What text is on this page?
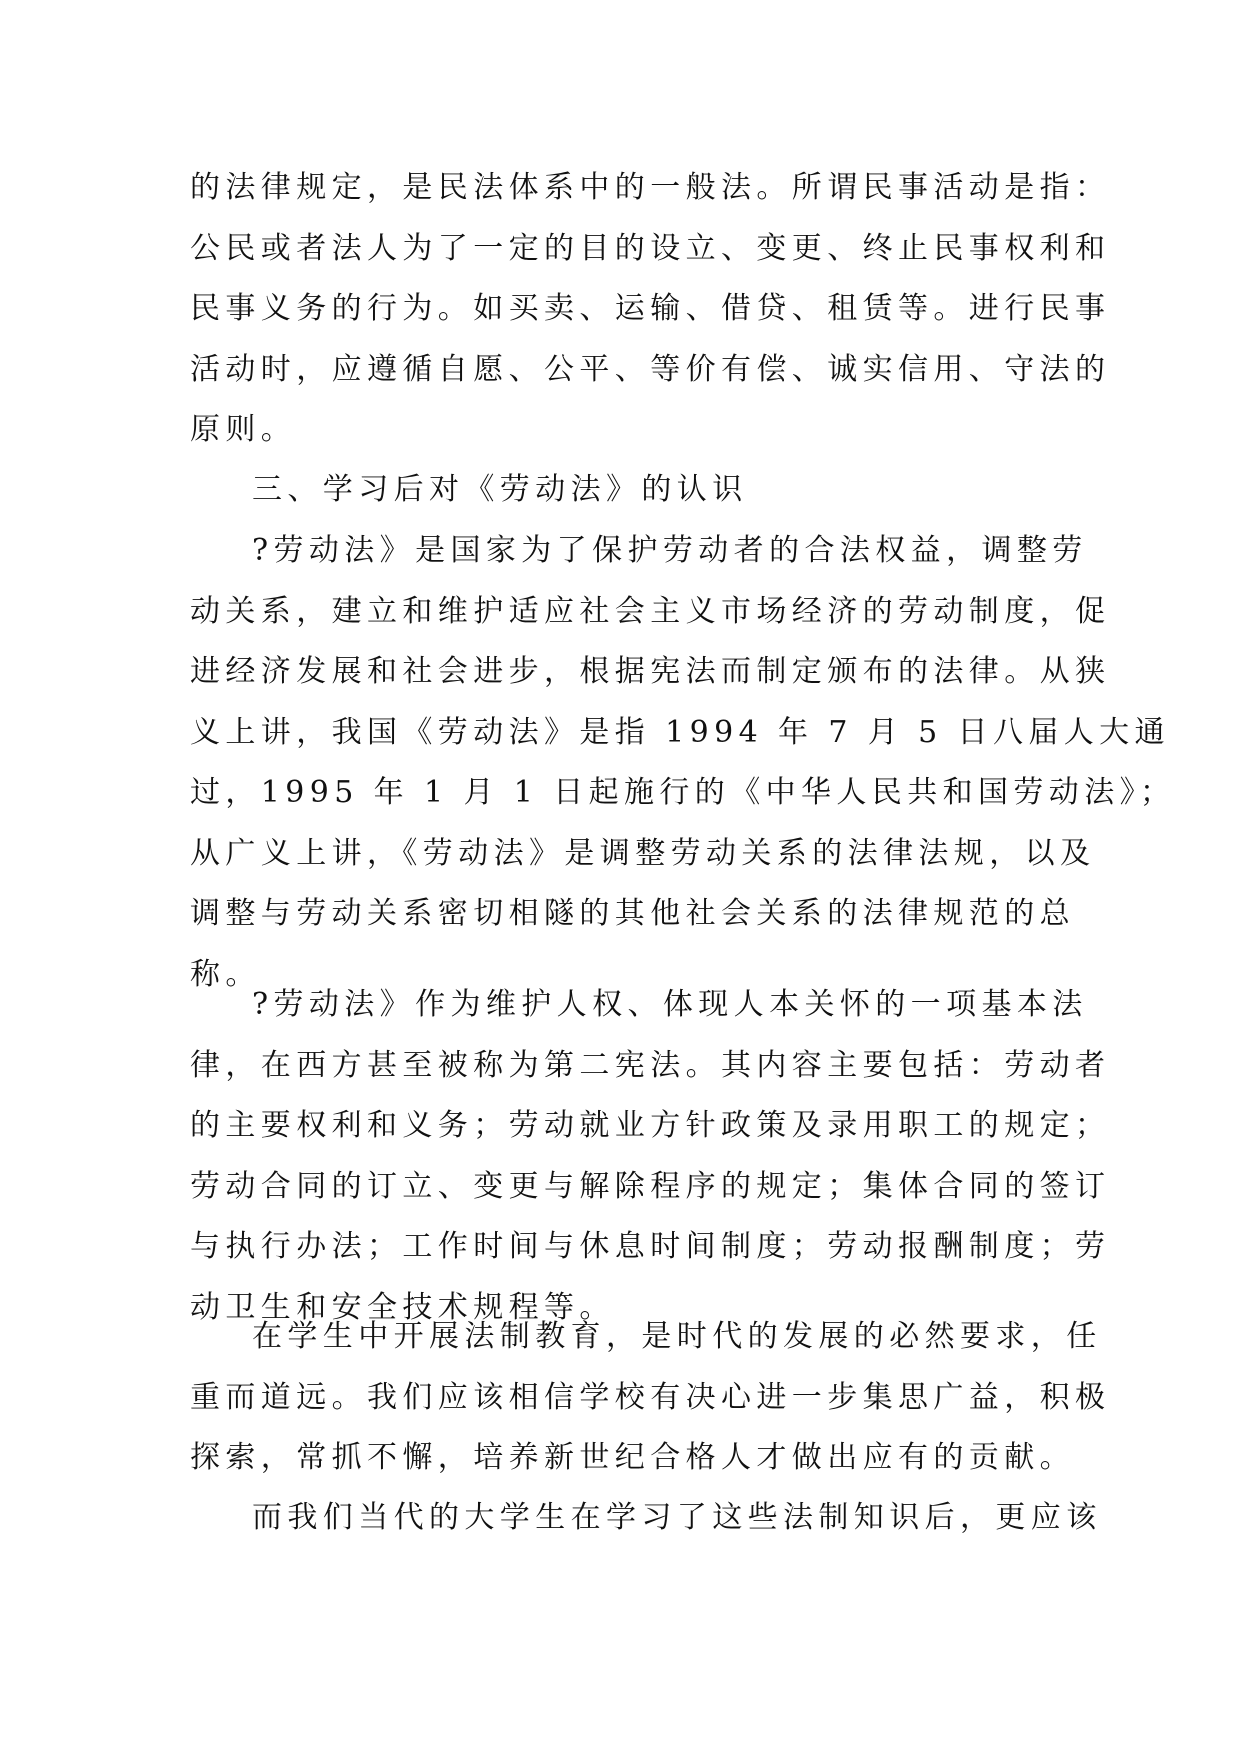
的法律规定，是民法体系中的一般法。所谓民事活动是指：
公民或者法人为了一定的目的设立、变更、终止民事权利和
民事义务的行为。如买卖、运输、借贷、租赁等。进行民事
活动时，应遵循自愿、公平、等价有偿、诚实信用、守法的
原则。
三、学习后对《劳动法》的认识
?劳动法》是国家为了保护劳动者的合法权益，调整劳
动关系，建立和维护适应社会主义市场经济的劳动制度，促
进经济发展和社会进步，根据宪法而制定颁布的法律。从狭
义上讲，我国《劳动法》是指 1994 年 7 月 5 日八届人大通
过，1995 年 1 月 1 日起施行的《中华人民共和国劳动法》；
从广义上讲，《劳动法》是调整劳动关系的法律法规，以及
调整与劳动关系密切相隧的其他社会关系的法律规范的总
称。
?劳动法》作为维护人权、体现人本关怀的一项基本法
律，在西方甚至被称为第二宪法。其内容主要包括：劳动者
的主要权利和义务；劳动就业方针政策及录用职工的规定；
劳动合同的订立、变更与解除程序的规定；集体合同的签订
与执行办法；工作时间与休息时间制度；劳动报酬制度；劳
动卫生和安全技术规程等。
在学生中开展法制教育，是时代的发展的必然要求，任
重而道远。我们应该相信学校有决心进一步集思广益，积极
探索，常抓不懈，培养新世纪合格人才做出应有的贡献。
而我们当代的大学生在学习了这些法制知识后，更应该
